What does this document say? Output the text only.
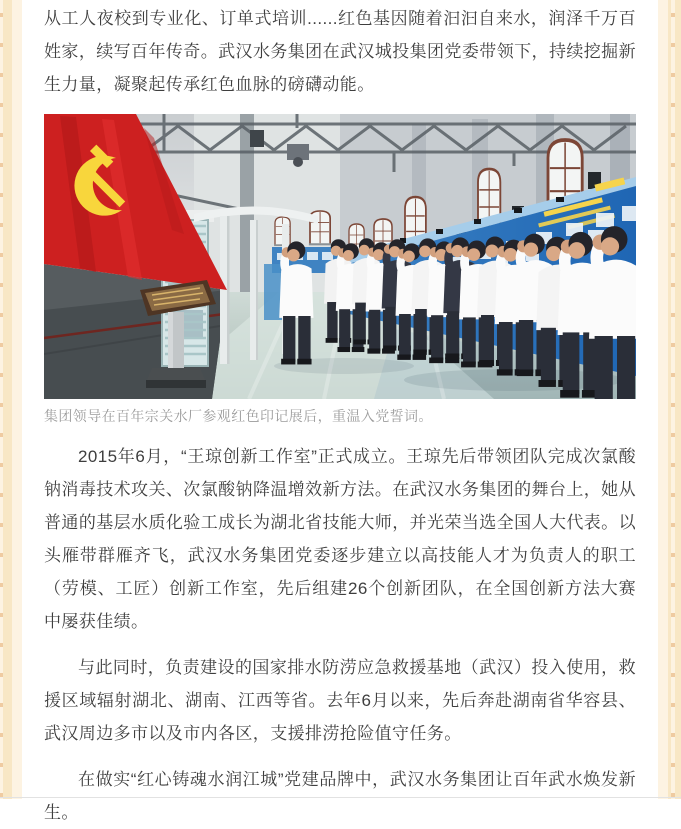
从工人夜校到专业化、订单式培训......红色基因随着汩汩自来水，润泽千万百姓家，续写百年传奇。武汉水务集团在武汉城投集团党委带领下，持续挖掘新生力量，凝聚起传承红色血脉的磅礴动能。

集团领导在百年宗关水厂参观红色印记展后，重温入党誓词。

2015年6月，“王琼创新工作室”正式成立。王琼先后带领团队完成次氯酸钠消毒技术攻关、次氯酸钠降温增效新方法。在武汉水务集团的舞台上，她从普通的基层水质化验工成长为湖北省技能大师，并光荣当选全国人大代表。以头雁带群雁齐飞，武汉水务集团党委逐步建立以高技能人才为负责人的职工（劳模、工匠）创新工作室，先后组建26个创新团队，在全国创新方法大赛中屡获佳绩。

与此同时，负责建设的国家排水防涝应急救援基地（武汉）投入使用，救援区域辐射湖北、湖南、江西等省。去年6月以来，先后奔赴湖南省华容县、武汉周边多市以及市内各区，支援排涝抢险值守任务。

在做实“红心铸魂水润江城”党建品牌中，武汉水务集团让百年武水焕发新生。
